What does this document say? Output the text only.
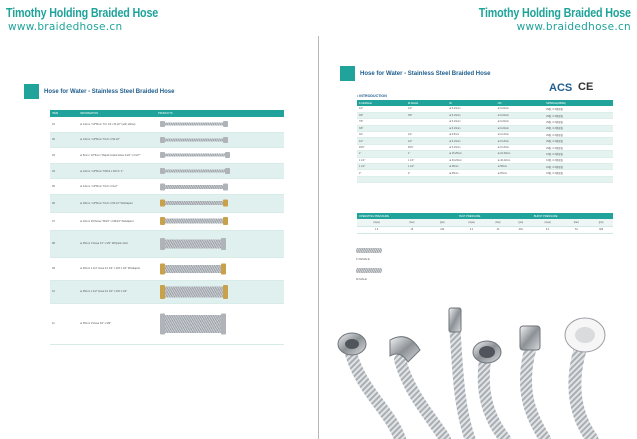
Timothy Holding Braided Hose
www.braidedhose.cn
Timothy Holding Braided Hose
www.braidedhose.cn
Hose for Water - Stainless Steel Braided Hose
ITEM	INFORMATION	PRODUCTS
01	⊕ 14mm / 10*8mm "FC 1/2 x M 22" (with elbow)	

02	⊕ 14mm / 10*8mm "F1/2 x FM 22"	

03	⊕ 8mm / 10*6mm "Rapid Coded Hose F1/2" x F1/2""	

04	⊕ 12mm / 10*8mm "FM12 x FM 3 / 1"	

05	⊕ 14mm / 10*8mm "F1/2 x F1/2"	

06	⊕ 18mm / 10*8mm "F1/2 x FM 12" W/Adaptor	

07	⊕ 22mm 3/4"Hose "M3/4" x FM3/4" W/Adaptor	

08	⊕ 35mm 1"Hose F1" x M1" W/Quick Joint	

09	⊕ 30mm 1 1/4" Hose F1 1/4" x FM 1 1/4" W/Adaptor	

10	⊕ 35mm 1 1/2" Hose F1 1/2" x FM 1 1/2"	

11	⊕ 65mm 2"Hose F2" x M2"	
Hose for Water - Stainless Steel Braided Hose
ACS CE
• INTRODUCTION
F-FEMALE	M-MALE	ID	OD	SPINDLE(WIRE)
1/2"	1/2"	⊕ 6.13mm	⊕ 9.22mm	29根, 0.3根规格
3/8"	3/8"	⊕ 6.13mm	⊕ 9.22mm	29根, 0.3根规格
7/8"		⊕ 6.13mm	⊕ 9.22mm	29根, 0.3根规格
3/8"		⊕ 6.13mm	⊕ 9.22mm	29根, 0.3根规格
3/4"	1/4"	⊕ 6.8mm	⊕ 9.13mm	29根, 0.3根规格
1/2"	1/2"	⊕ 6.13mm	⊕ 9.13mm	29根, 0.3根规格
9/16"	9/16"	⊕ 6.13mm	⊕ 9.13mm	29根, 0.3根规格
1"	1"	⊕ 15.25mm	⊕ 16.30mm	16根, 0.3根规格
1 1/4"	1 1/4"	⊕ 30.23mm	⊕ 40.42mm	16根, 0.3根规格
1 1/2"	1 1/2"	⊕ 35mm	⊕ 55mm	16根, 0.3根规格
2"	2"	⊕ 65mm	⊕ 65mm	16根, 0.3根规格

OPERATING PRESSURE			TEST PRESSURE			BURST PRESSURE		
(mpa)	(bar)	(psi)	(mpa)	(bar)	(psi)	(mpa)	(bar)	(psi)
1.6	16	232	3.2	32	464	6.4	64	928
F-FEMALE
M-MALE
